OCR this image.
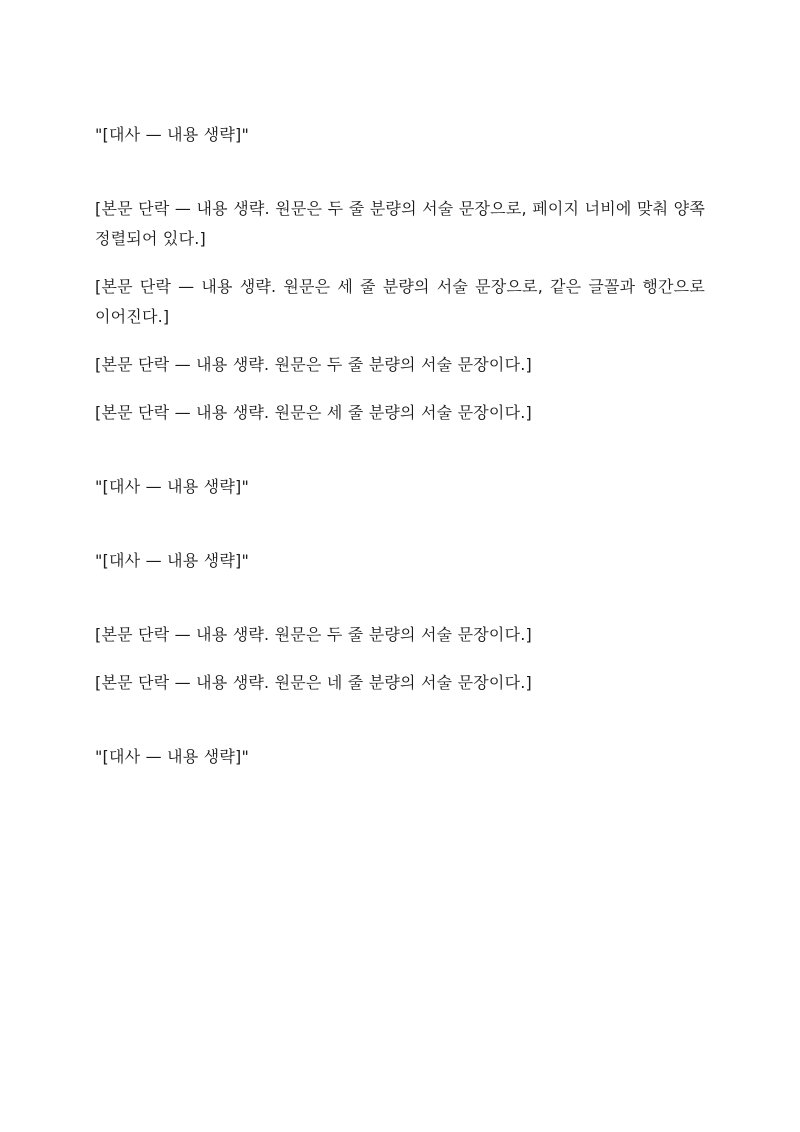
"[대사 — 내용 생략]"

[본문 단락 — 내용 생략. 원문은 두 줄 분량의 서술 문장으로, 페이지 너비에 맞춰 양쪽 정렬되어 있다.]

[본문 단락 — 내용 생략. 원문은 세 줄 분량의 서술 문장으로, 같은 글꼴과 행간으로 이어진다.]

[본문 단락 — 내용 생략. 원문은 두 줄 분량의 서술 문장이다.]

[본문 단락 — 내용 생략. 원문은 세 줄 분량의 서술 문장이다.]

"[대사 — 내용 생략]"

"[대사 — 내용 생략]"

[본문 단락 — 내용 생략. 원문은 두 줄 분량의 서술 문장이다.]

[본문 단락 — 내용 생략. 원문은 네 줄 분량의 서술 문장이다.]

"[대사 — 내용 생략]"
